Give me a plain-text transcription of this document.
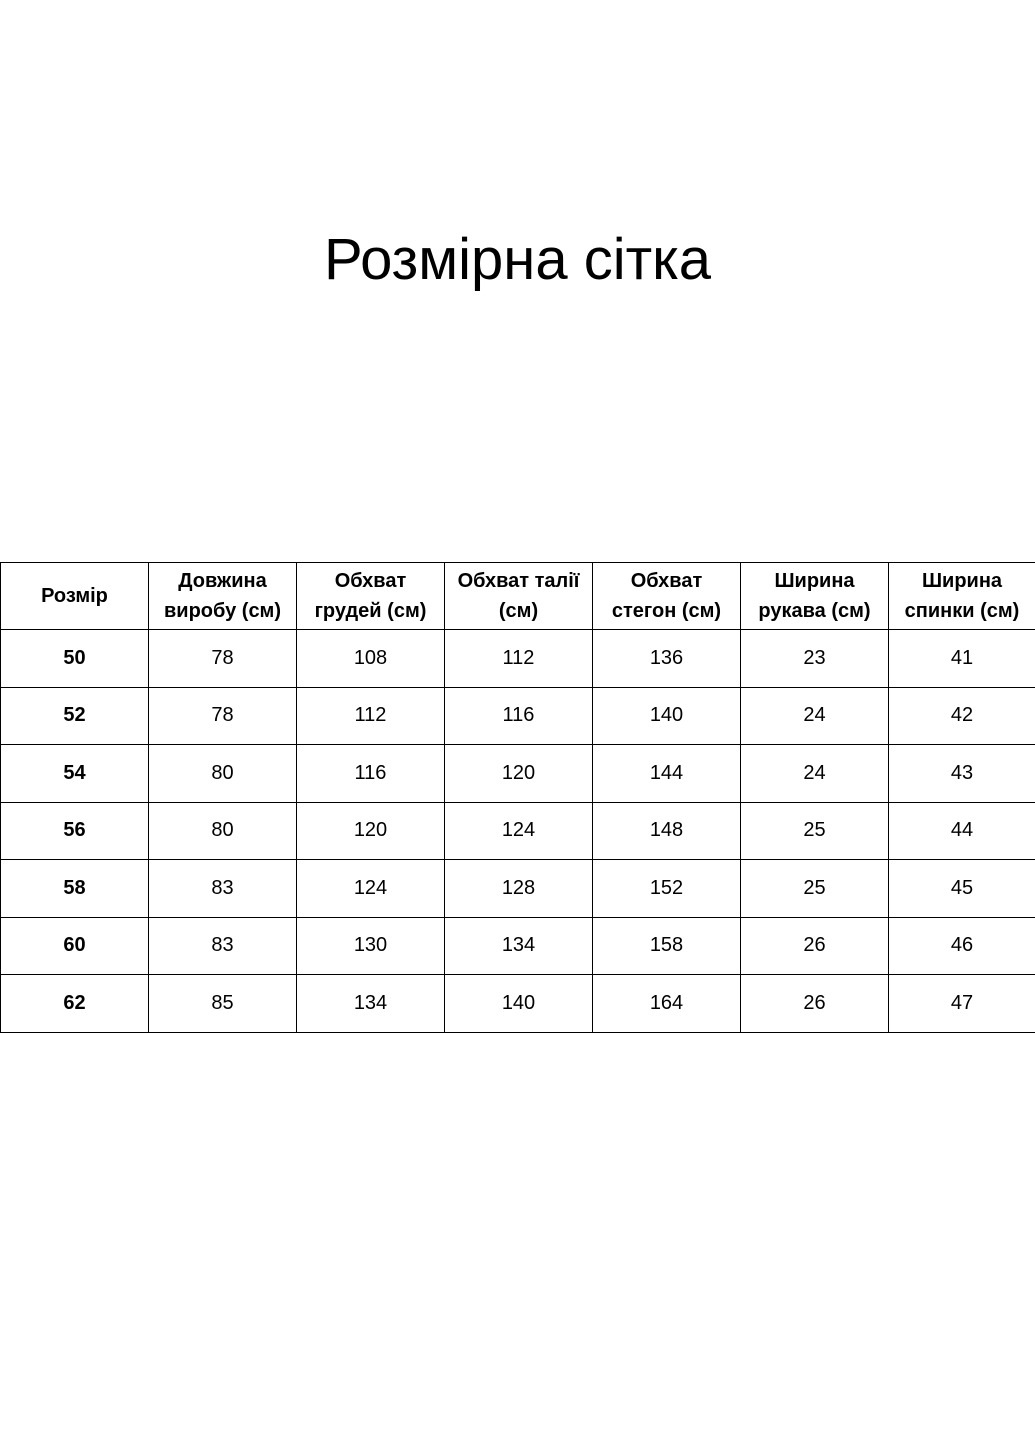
Розмірна сітка
Розмір	Довжина виробу (см)	Обхват грудей (см)	Обхват талії (см)	Обхват стегон (см)	Ширина рукава (см)	Ширина спинки (см)
50	78	108	112	136	23	41
52	78	112	116	140	24	42
54	80	116	120	144	24	43
56	80	120	124	148	25	44
58	83	124	128	152	25	45
60	83	130	134	158	26	46
62	85	134	140	164	26	47
